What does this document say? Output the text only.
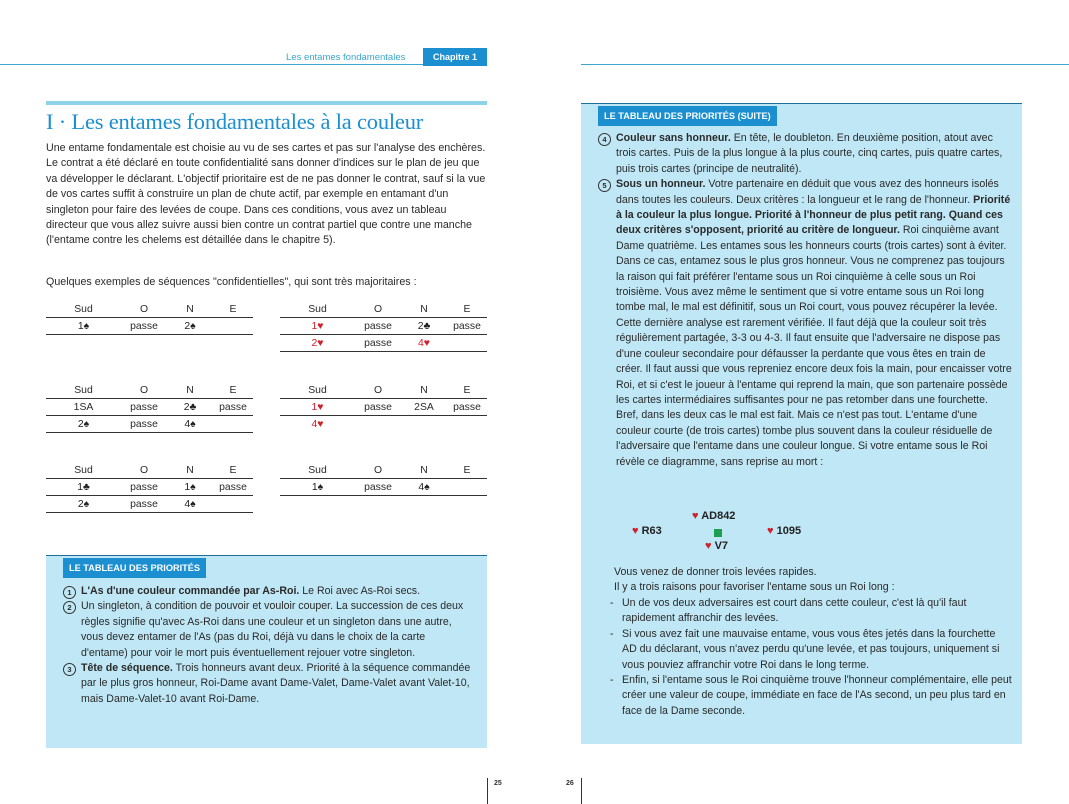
Les entames fondamentales	Chapitre 1
I · Les entames fondamentales à la couleur

Une entame fondamentale est choisie au vu de ses cartes et pas sur l'analyse des enchères. Le contrat a été déclaré en toute confidentialité sans donner d'indices sur le plan de jeu que va développer le déclarant. L'objectif prioritaire est de ne pas donner le contrat, sauf si la vue de vos cartes suffit à construire un plan de chute actif, par exemple en entamant d'un singleton pour faire des levées de coupe. Dans ces conditions, vous avez un tableau directeur que vous allez suivre aussi bien contre un contrat partiel que contre une manche (l'entame contre les chelems est détaillée dans le chapitre 5).

Quelques exemples de séquences "confidentielles", qui sont très majoritaires :
Sud	O	N	E
1♠	passe	2♠	
Sud	O	N	E
1♥	passe	2♣	passe
2♥	passe	4♥	
Sud	O	N	E
1SA	passe	2♣	passe
2♠	passe	4♠	
Sud	O	N	E
1♥	passe	2SA	passe
4♥			
Sud	O	N	E
1♣	passe	1♠	passe
2♠	passe	4♠	
Sud	O	N	E
1♠	passe	4♠	
LE TABLEAU DES PRIORITÉS
1 L'As d'une couleur commandée par As-Roi. Le Roi avec As-Roi secs.
2 Un singleton, à condition de pouvoir et vouloir couper. La succession de ces deux règles signifie qu'avec As-Roi dans une couleur et un singleton dans une autre, vous devez entamer de l'As (pas du Roi, déjà vu dans le choix de la carte d'entame) pour voir le mort puis éventuellement rejouer votre singleton.
3 Tête de séquence. Trois honneurs avant deux. Priorité à la séquence commandée par le plus gros honneur, Roi-Dame avant Dame-Valet, Dame-Valet avant Valet-10, mais Dame-Valet-10 avant Roi-Dame.
25
LE TABLEAU DES PRIORITÉS (SUITE)
4 Couleur sans honneur. En tête, le doubleton. En deuxième position, atout avec trois cartes. Puis de la plus longue à la plus courte, cinq cartes, puis quatre cartes, puis trois cartes (principe de neutralité).
5 Sous un honneur. Votre partenaire en déduit que vous avez des honneurs isolés dans toutes les couleurs. Deux critères : la longueur et le rang de l'honneur. Priorité à la couleur la plus longue. Priorité à l'honneur de plus petit rang. Quand ces deux critères s'opposent, priorité au critère de longueur. Roi cinquième avant Dame quatrième. Les entames sous les honneurs courts (trois cartes) sont à éviter. Dans ce cas, entamez sous le plus gros honneur. Vous ne comprenez pas toujours la raison qui fait préférer l'entame sous un Roi cinquième à celle sous un Roi troisième. Vous avez même le sentiment que si votre entame sous un Roi long tombe mal, le mal est définitif, sous un Roi court, vous pouvez récupérer la levée. Cette dernière analyse est rarement vérifiée. Il faut déjà que la couleur soit très régulièrement partagée, 3-3 ou 4-3. Il faut ensuite que l'adversaire ne dispose pas d'une couleur secondaire pour défausser la perdante que vous êtes en train de créer. Il faut aussi que vous repreniez encore deux fois la main, pour encaisser votre Roi, et si c'est le joueur à l'entame qui reprend la main, que son partenaire possède les cartes intermédiaires suffisantes pour ne pas retomber dans une fourchette. Bref, dans les deux cas le mal est fait. Mais ce n'est pas tout. L'entame d'une couleur courte (de trois cartes) tombe plus souvent dans la couleur résiduelle de l'adversaire que l'entame dans une couleur longue. Si votre entame sous le Roi révèle ce diagramme, sans reprise au mort :
♥ AD842
♥ R63	♥ 1095
♥ V7
Vous venez de donner trois levées rapides.
Il y a trois raisons pour favoriser l'entame sous un Roi long :
- Un de vos deux adversaires est court dans cette couleur, c'est là qu'il faut rapidement affranchir des levées.
- Si vous avez fait une mauvaise entame, vous vous êtes jetés dans la fourchette AD du déclarant, vous n'avez perdu qu'une levée, et pas toujours, uniquement si vous pouviez affranchir votre Roi dans le long terme.
- Enfin, si l'entame sous le Roi cinquième trouve l'honneur complémentaire, elle peut créer une valeur de coupe, immédiate en face de l'As second, un peu plus tard en face de la Dame seconde.
26
